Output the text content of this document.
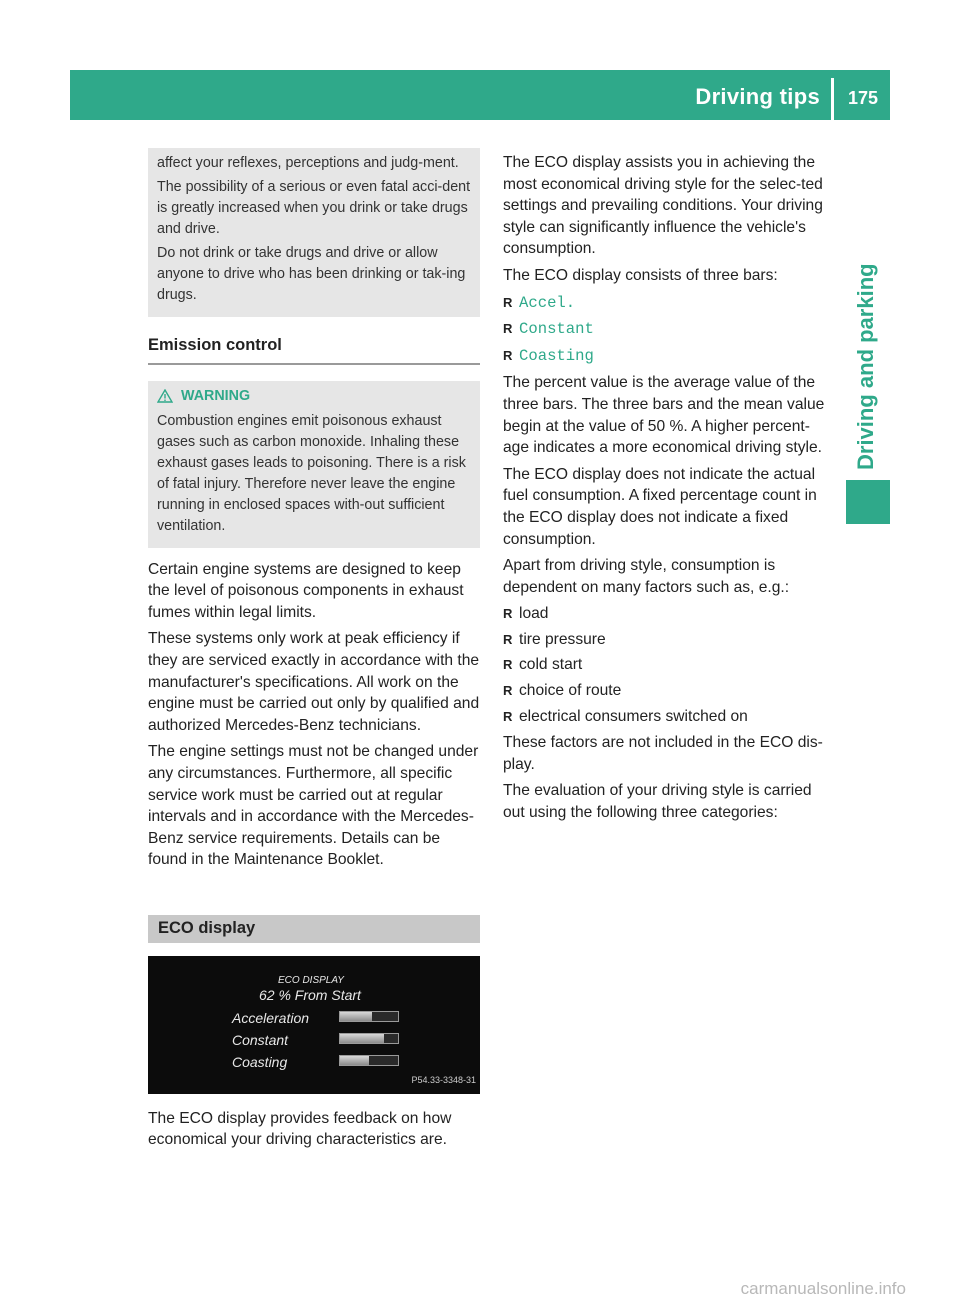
Driving tips 175
Driving and parking

affect your reflexes, perceptions and judg-ment.

The possibility of a serious or even fatal acci-dent is greatly increased when you drink or take drugs and drive.

Do not drink or take drugs and drive or allow anyone to drive who has been drinking or tak-ing drugs.

Emission control
WARNING

Combustion engines emit poisonous exhaust gases such as carbon monoxide. Inhaling these exhaust gases leads to poisoning. There is a risk of fatal injury. Therefore never leave the engine running in enclosed spaces with-out sufficient ventilation.

Certain engine systems are designed to keep the level of poisonous components in exhaust fumes within legal limits.

These systems only work at peak efficiency if they are serviced exactly in accordance with the manufacturer's specifications. All work on the engine must be carried out only by qualified and authorized Mercedes-Benz technicians.

The engine settings must not be changed under any circumstances. Furthermore, all specific service work must be carried out at regular intervals and in accordance with the Mercedes-Benz service requirements. Details can be found in the Maintenance Booklet.

ECO display
ECO DISPLAY
62 % From Start
Acceleration
Constant
Coasting
P54.33-3348-31

The ECO display provides feedback on how economical your driving characteristics are.

The ECO display assists you in achieving the most economical driving style for the selec-ted settings and prevailing conditions. Your driving style can significantly influence the vehicle's consumption.

The ECO display consists of three bars:

R Accel.
R Constant
R Coasting

The percent value is the average value of the three bars. The three bars and the mean value begin at the value of 50 %. A higher percent-age indicates a more economical driving style.

The ECO display does not indicate the actual fuel consumption. A fixed percentage count in the ECO display does not indicate a fixed consumption.

Apart from driving style, consumption is dependent on many factors such as, e.g.:

R load
R tire pressure
R cold start
R choice of route
R electrical consumers switched on

These factors are not included in the ECO dis-play.

The evaluation of your driving style is carried out using the following three categories:

carmanualsonline.info
